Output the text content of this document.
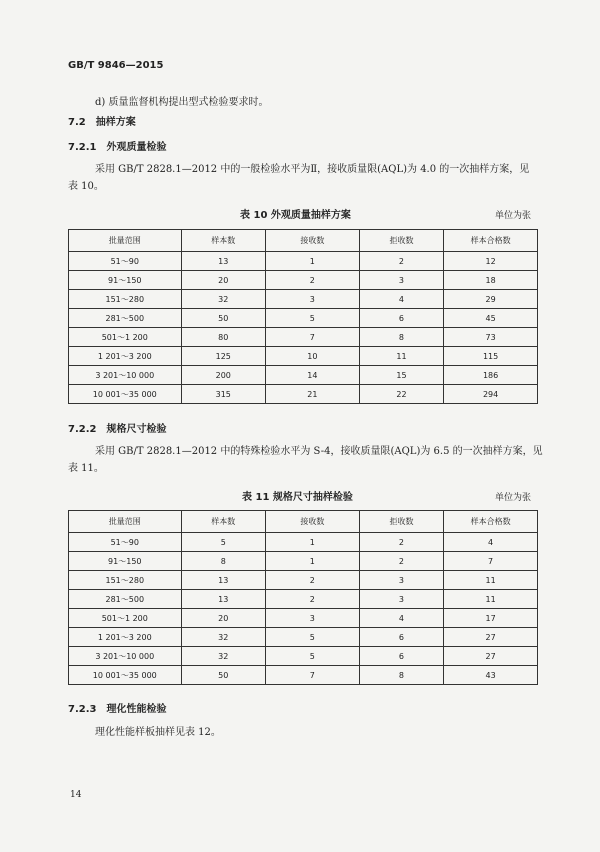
GB/T 9846—2015
d) 质量监督机构提出型式检验要求时。
7.2 抽样方案
7.2.1 外观质量检验
采用 GB/T 2828.1—2012 中的一般检验水平为Ⅱ，接收质量限(AQL)为 4.0 的一次抽样方案，见
表 10。
表 10 外观质量抽样方案	单位为张
批量范围	样本数	接收数	拒收数	样本合格数
51～90	13	1	2	12
91～150	20	2	3	18
151～280	32	3	4	29
281～500	50	5	6	45
501～1 200	80	7	8	73
1 201～3 200	125	10	11	115
3 201～10 000	200	14	15	186
10 001～35 000	315	21	22	294
7.2.2 规格尺寸检验
采用 GB/T 2828.1—2012 中的特殊检验水平为 S-4，接收质量限(AQL)为 6.5 的一次抽样方案，见
表 11。
表 11 规格尺寸抽样检验	单位为张
批量范围	样本数	接收数	拒收数	样本合格数
51～90	5	1	2	4
91～150	8	1	2	7
151～280	13	2	3	11
281～500	13	2	3	11
501～1 200	20	3	4	17
1 201～3 200	32	5	6	27
3 201～10 000	32	5	6	27
10 001～35 000	50	7	8	43
7.2.3 理化性能检验
理化性能样板抽样见表 12。
14
